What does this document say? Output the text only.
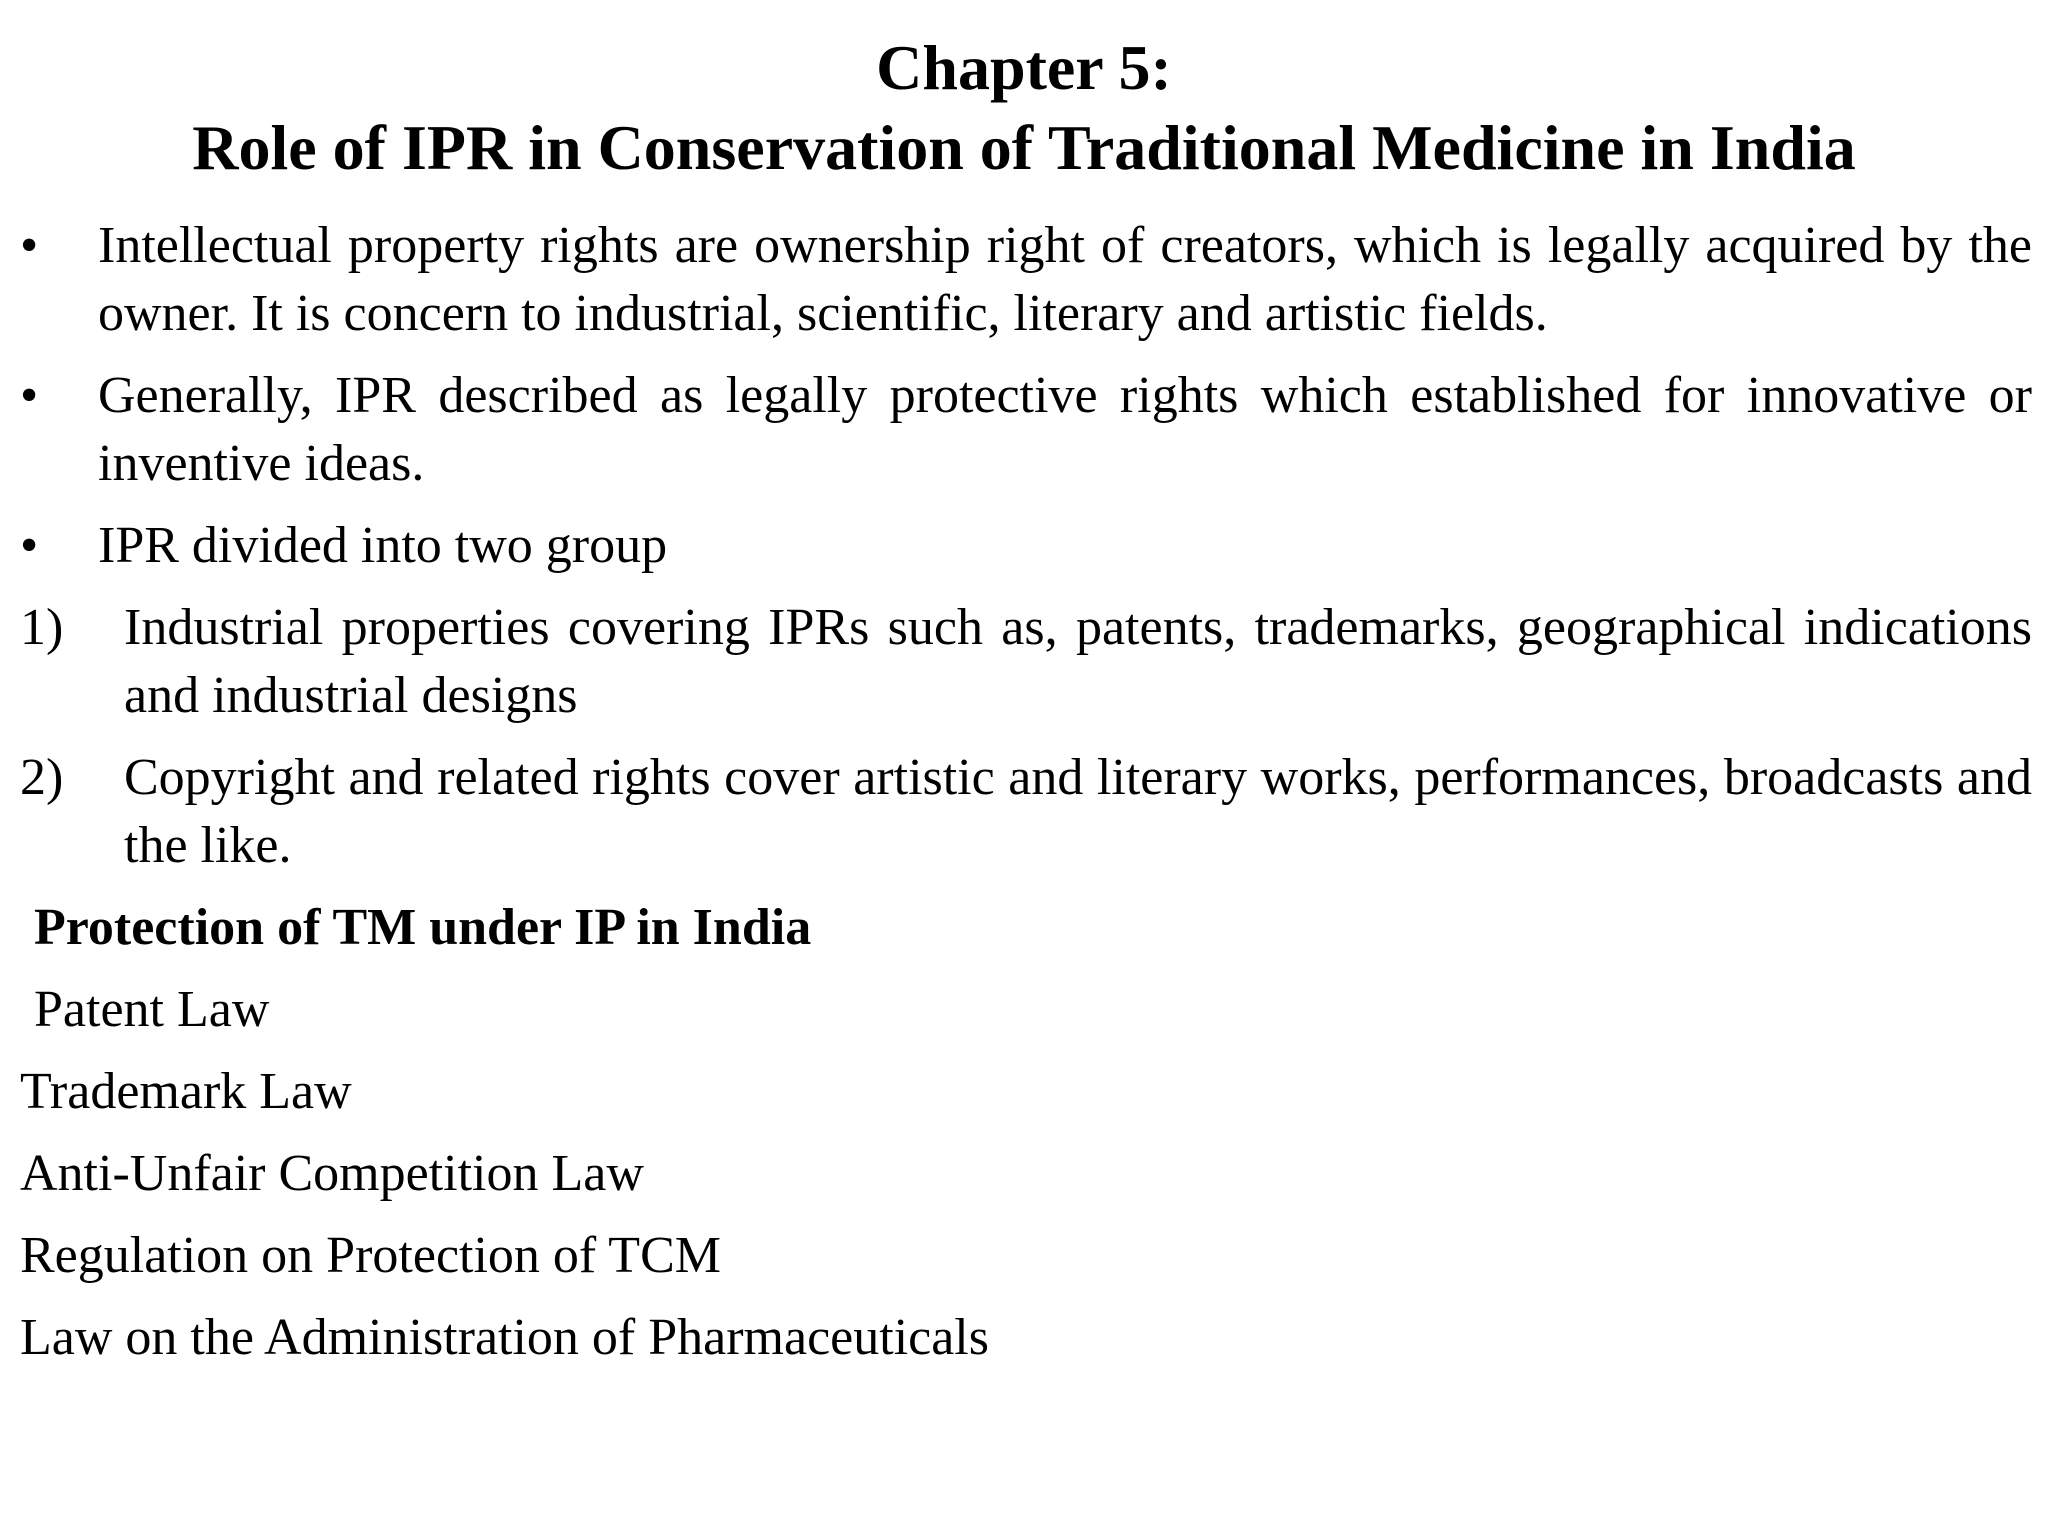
Chapter 5:
Role of IPR in Conservation of Traditional Medicine in India
• Intellectual property rights are ownership right of creators, which is legally acquired by the owner. It is concern to industrial, scientific, literary and artistic fields.
• Generally, IPR described as legally protective rights which established for innovative or inventive ideas.
• IPR divided into two group
1) Industrial properties covering IPRs such as, patents, trademarks, geographical indications and industrial designs
2) Copyright and related rights cover artistic and literary works, performances, broadcasts and the like.
Protection of TM under IP in India
Patent Law
Trademark Law
Anti-Unfair Competition Law
Regulation on Protection of TCM
Law on the Administration of Pharmaceuticals
